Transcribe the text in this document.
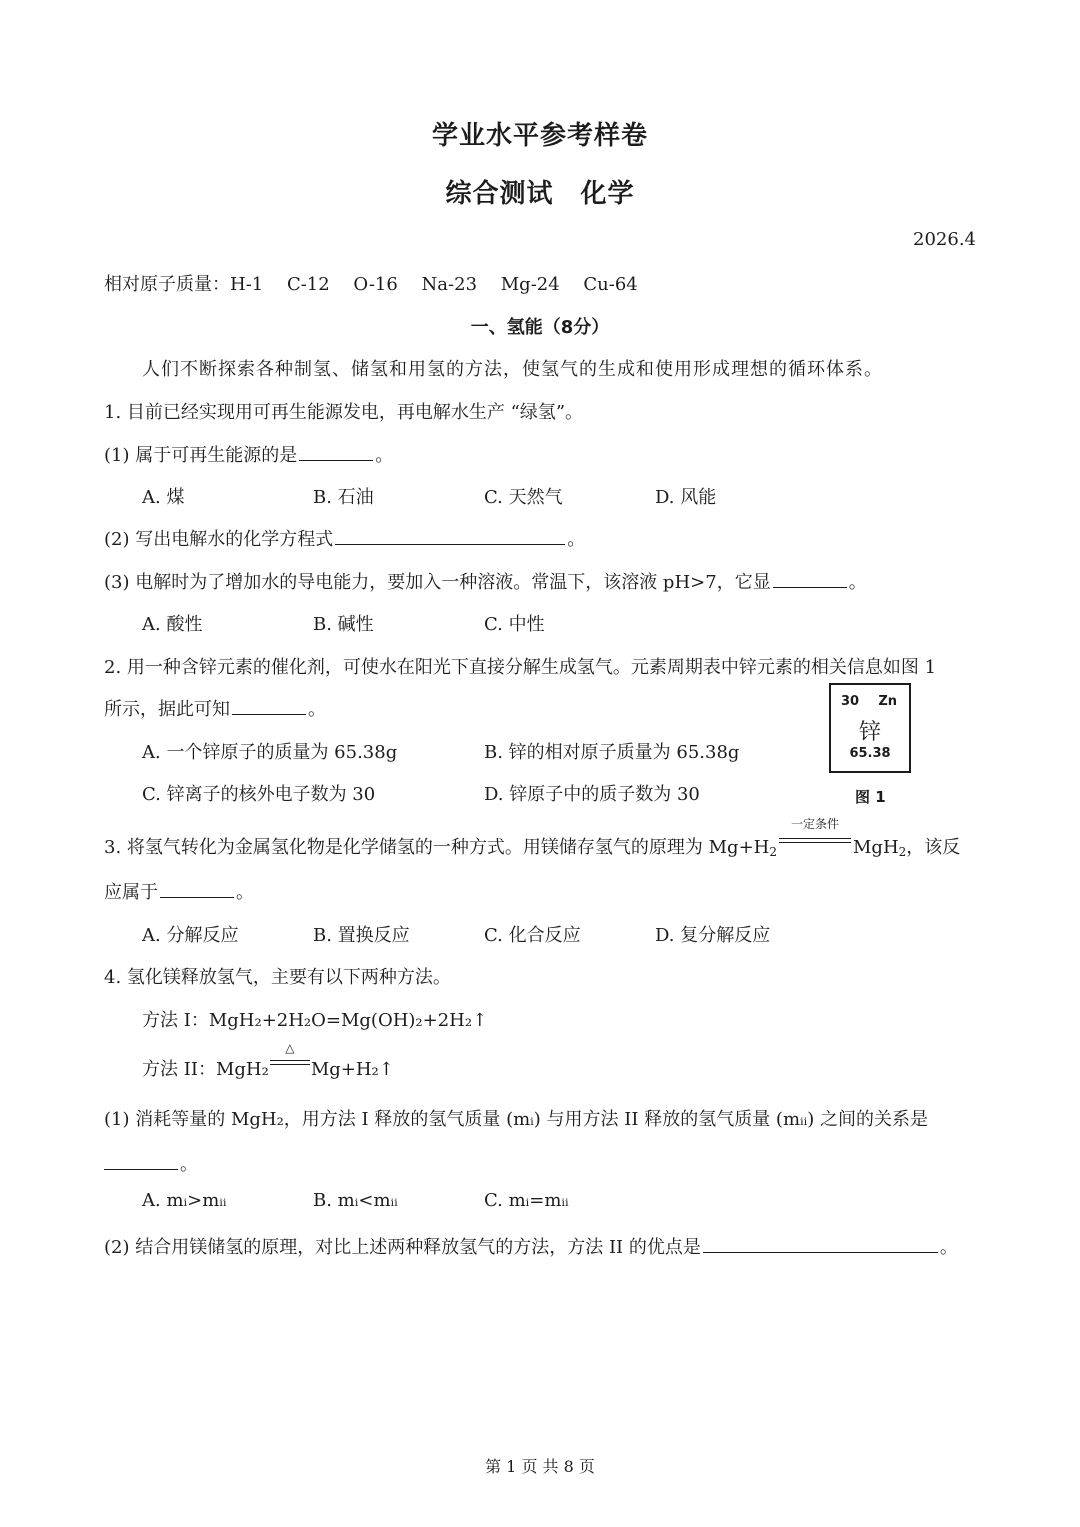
学业水平参考样卷
综合测试　化学
2026.4
相对原子质量：H-1　 C-12　 O-16　 Na-23　 Mg-24　 Cu-64
一、氢能（8分）
人们不断探索各种制氢、储氢和用氢的方法，使氢气的生成和使用形成理想的循环体系。
1. 目前已经实现用可再生能源发电，再电解水生产 “绿氢”。
(1) 属于可再生能源的是	。
A. 煤	B. 石油	C. 天然气	D. 风能
(2) 写出电解水的化学方程式	。
(3) 电解时为了增加水的导电能力，要加入一种溶液。常温下，该溶液 pH>7，它显	。
A. 酸性	B. 碱性	C. 中性
2. 用一种含锌元素的催化剂，可使水在阳光下直接分解生成氢气。元素周期表中锌元素的相关信息如图 1
所示，据此可知	。
A. 一个锌原子的质量为 65.38g	B. 锌的相对原子质量为 65.38g
C. 锌离子的核外电子数为 30	D. 锌原子中的质子数为 30
30 Zn
锌
65.38
图 1
3. 将氢气转化为金属氢化物是化学储氢的一种方式。用镁储存氢气的原理为 $Mg+H_2$
一定条件
MgH$_2$，该反
应属于	。
A. 分解反应	B. 置换反应	C. 化合反应	D. 复分解反应
4. 氢化镁释放氢气，主要有以下两种方法。
方法 I：MgH₂+2H₂O=Mg(OH)₂+2H₂↑
方法 II：MgH₂
△
Mg+H₂↑
(1) 消耗等量的 MgH₂，用方法 I 释放的氢气质量 (mᵢ) 与用方法 II 释放的氢气质量 (mᵢᵢ) 之间的关系是
。
A. mᵢ>mᵢᵢ	B. mᵢ<mᵢᵢ	C. mᵢ=mᵢᵢ
(2) 结合用镁储氢的原理，对比上述两种释放氢气的方法，方法 II 的优点是	。
第 1 页 共 8 页
